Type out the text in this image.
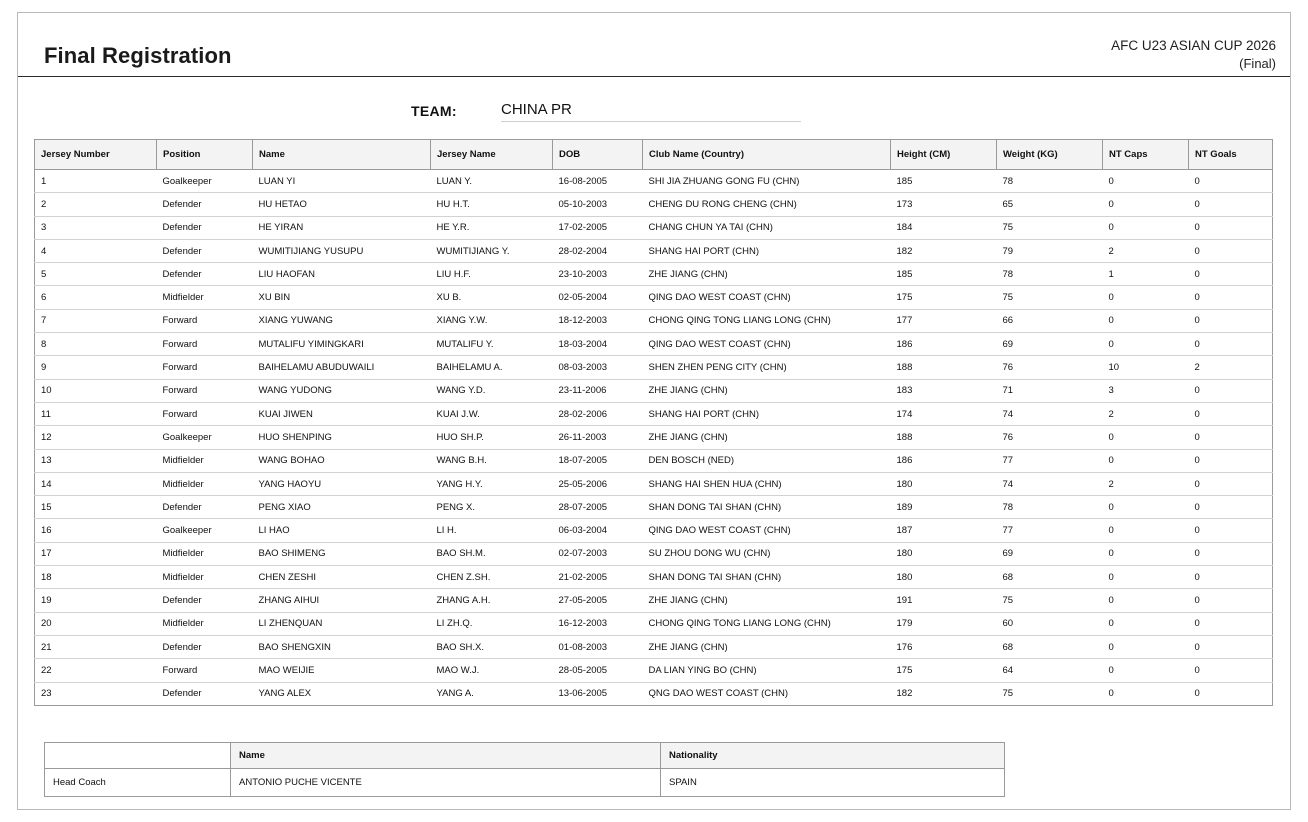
Final Registration	AFC U23 ASIAN CUP 2026
(Final)
TEAM:	CHINA PR
Jersey Number	Position	Name	Jersey Name	DOB	Club Name (Country)	Height (CM)	Weight (KG)	NT Caps	NT Goals
1	Goalkeeper	LUAN YI	LUAN Y.	16-08-2005	SHI JIA ZHUANG GONG FU (CHN)	185	78	0	0
2	Defender	HU HETAO	HU H.T.	05-10-2003	CHENG DU RONG CHENG (CHN)	173	65	0	0
3	Defender	HE YIRAN	HE Y.R.	17-02-2005	CHANG CHUN YA TAI (CHN)	184	75	0	0
4	Defender	WUMITIJIANG YUSUPU	WUMITIJIANG Y.	28-02-2004	SHANG HAI PORT (CHN)	182	79	2	0
5	Defender	LIU HAOFAN	LIU H.F.	23-10-2003	ZHE JIANG (CHN)	185	78	1	0
6	Midfielder	XU BIN	XU B.	02-05-2004	QING DAO WEST COAST (CHN)	175	75	0	0
7	Forward	XIANG YUWANG	XIANG Y.W.	18-12-2003	CHONG QING TONG LIANG LONG (CHN)	177	66	0	0
8	Forward	MUTALIFU YIMINGKARI	MUTALIFU Y.	18-03-2004	QING DAO WEST COAST (CHN)	186	69	0	0
9	Forward	BAIHELAMU ABUDUWAILI	BAIHELAMU A.	08-03-2003	SHEN ZHEN PENG CITY (CHN)	188	76	10	2
10	Forward	WANG YUDONG	WANG Y.D.	23-11-2006	ZHE JIANG (CHN)	183	71	3	0
11	Forward	KUAI JIWEN	KUAI J.W.	28-02-2006	SHANG HAI PORT (CHN)	174	74	2	0
12	Goalkeeper	HUO SHENPING	HUO SH.P.	26-11-2003	ZHE JIANG (CHN)	188	76	0	0
13	Midfielder	WANG BOHAO	WANG B.H.	18-07-2005	DEN BOSCH (NED)	186	77	0	0
14	Midfielder	YANG HAOYU	YANG H.Y.	25-05-2006	SHANG HAI SHEN HUA (CHN)	180	74	2	0
15	Defender	PENG XIAO	PENG X.	28-07-2005	SHAN DONG TAI SHAN (CHN)	189	78	0	0
16	Goalkeeper	LI HAO	LI H.	06-03-2004	QING DAO WEST COAST (CHN)	187	77	0	0
17	Midfielder	BAO SHIMENG	BAO SH.M.	02-07-2003	SU ZHOU DONG WU (CHN)	180	69	0	0
18	Midfielder	CHEN ZESHI	CHEN Z.SH.	21-02-2005	SHAN DONG TAI SHAN (CHN)	180	68	0	0
19	Defender	ZHANG AIHUI	ZHANG A.H.	27-05-2005	ZHE JIANG (CHN)	191	75	0	0
20	Midfielder	LI ZHENQUAN	LI ZH.Q.	16-12-2003	CHONG QING TONG LIANG LONG (CHN)	179	60	0	0
21	Defender	BAO SHENGXIN	BAO SH.X.	01-08-2003	ZHE JIANG (CHN)	176	68	0	0
22	Forward	MAO WEIJIE	MAO W.J.	28-05-2005	DA LIAN YING BO (CHN)	175	64	0	0
23	Defender	YANG ALEX	YANG A.	13-06-2005	QNG DAO WEST COAST (CHN)	182	75	0	0
	Name	Nationality
Head Coach	ANTONIO PUCHE VICENTE	SPAIN
